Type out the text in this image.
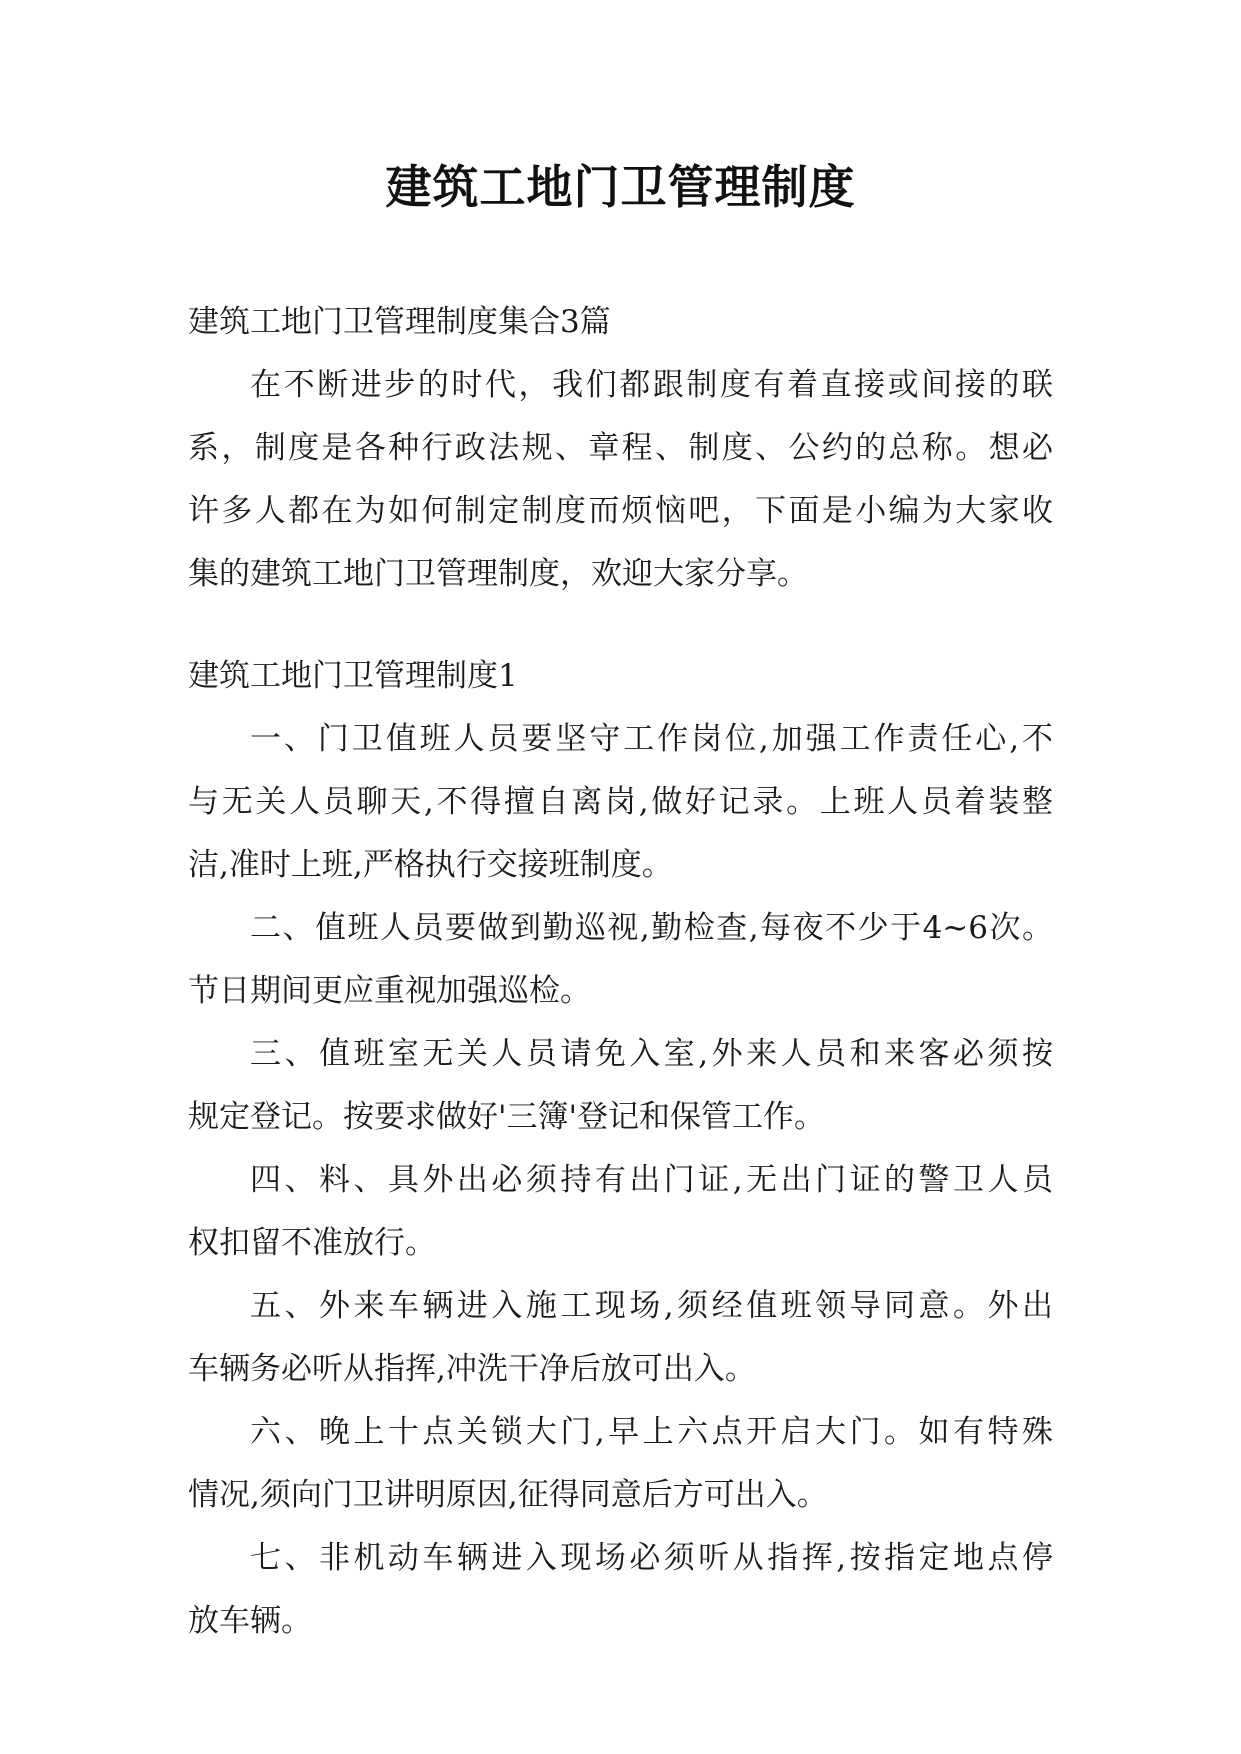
建筑工地门卫管理制度
建筑工地门卫管理制度集合3篇
在不断进步的时代，我们都跟制度有着直接或间接的联
系，制度是各种行政法规、章程、制度、公约的总称。想必
许多人都在为如何制定制度而烦恼吧，下面是小编为大家收
集的建筑工地门卫管理制度，欢迎大家分享。
建筑工地门卫管理制度1
一、门卫值班人员要坚守工作岗位,加强工作责任心,不
与无关人员聊天,不得擅自离岗,做好记录。上班人员着装整
洁,准时上班,严格执行交接班制度。
二、值班人员要做到勤巡视,勤检查,每夜不少于4~6次。
节日期间更应重视加强巡检。
三、值班室无关人员请免入室,外来人员和来客必须按
规定登记。按要求做好'三簿'登记和保管工作。
四、料、具外出必须持有出门证,无出门证的警卫人员
权扣留不准放行。
五、外来车辆进入施工现场,须经值班领导同意。外出
车辆务必听从指挥,冲洗干净后放可出入。
六、晚上十点关锁大门,早上六点开启大门。如有特殊
情况,须向门卫讲明原因,征得同意后方可出入。
七、非机动车辆进入现场必须听从指挥,按指定地点停
放车辆。
